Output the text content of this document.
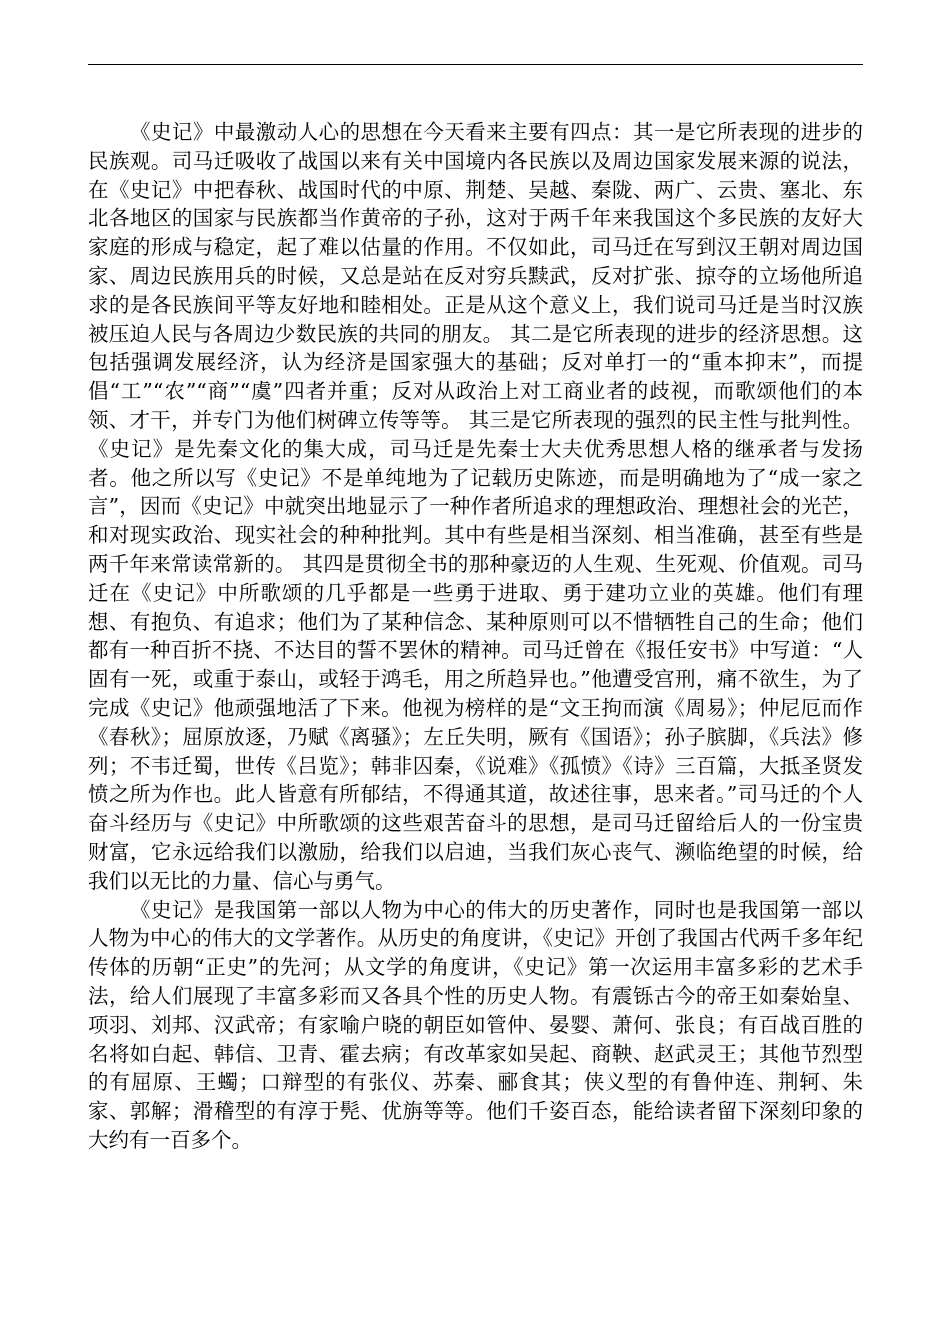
《史记》中最激动人心的思想在今天看来主要有四点：其一是它所表现的进步的民族观。司马迁吸收了战国以来有关中国境内各民族以及周边国家发展来源的说法，在《史记》中把春秋、战国时代的中原、荆楚、吴越、秦陇、两广、云贵、塞北、东北各地区的国家与民族都当作黄帝的子孙，这对于两千年来我国这个多民族的友好大家庭的形成与稳定，起了难以估量的作用。不仅如此，司马迁在写到汉王朝对周边国家、周边民族用兵的时候，又总是站在反对穷兵黩武，反对扩张、掠夺的立场他所追求的是各民族间平等友好地和睦相处。正是从这个意义上，我们说司马迁是当时汉族被压迫人民与各周边少数民族的共同的朋友。 其二是它所表现的进步的经济思想。这包括强调发展经济，认为经济是国家强大的基础；反对单打一的“重本抑末”，而提倡“工”“农”“商”“虞”四者并重；反对从政治上对工商业者的歧视，而歌颂他们的本领、才干，并专门为他们树碑立传等等。 其三是它所表现的强烈的民主性与批判性。《史记》是先秦文化的集大成，司马迁是先秦士大夫优秀思想人格的继承者与发扬者。他之所以写《史记》不是单纯地为了记载历史陈迹，而是明确地为了“成一家之言”，因而《史记》中就突出地显示了一种作者所追求的理想政治、理想社会的光芒，和对现实政治、现实社会的种种批判。其中有些是相当深刻、相当准确，甚至有些是两千年来常读常新的。 其四是贯彻全书的那种豪迈的人生观、生死观、价值观。司马迁在《史记》中所歌颂的几乎都是一些勇于进取、勇于建功立业的英雄。他们有理想、有抱负、有追求；他们为了某种信念、某种原则可以不惜牺牲自己的生命；他们都有一种百折不挠、不达目的誓不罢休的精神。司马迁曾在《报任安书》中写道：“人固有一死，或重于泰山，或轻于鸿毛，用之所趋异也。”他遭受宫刑，痛不欲生，为了完成《史记》他顽强地活了下来。他视为榜样的是“文王拘而演《周易》；仲尼厄而作《春秋》；屈原放逐，乃赋《离骚》；左丘失明，厥有《国语》；孙子膑脚，《兵法》修列；不韦迁蜀，世传《吕览》；韩非囚秦，《说难》《孤愤》《诗》三百篇，大抵圣贤发愤之所为作也。此人皆意有所郁结，不得通其道，故述往事，思来者。”司马迁的个人奋斗经历与《史记》中所歌颂的这些艰苦奋斗的思想，是司马迁留给后人的一份宝贵财富，它永远给我们以激励，给我们以启迪，当我们灰心丧气、濒临绝望的时候，给我们以无比的力量、信心与勇气。

《史记》是我国第一部以人物为中心的伟大的历史著作，同时也是我国第一部以人物为中心的伟大的文学著作。从历史的角度讲，《史记》开创了我国古代两千多年纪传体的历朝“正史”的先河；从文学的角度讲，《史记》第一次运用丰富多彩的艺术手法，给人们展现了丰富多彩而又各具个性的历史人物。有震铄古今的帝王如秦始皇、项羽、刘邦、汉武帝；有家喻户晓的朝臣如管仲、晏婴、萧何、张良；有百战百胜的名将如白起、韩信、卫青、霍去病；有改革家如吴起、商鞅、赵武灵王；其他节烈型的有屈原、王蠋；口辩型的有张仪、苏秦、郦食其；侠义型的有鲁仲连、荆轲、朱家、郭解；滑稽型的有淳于髡、优旃等等。他们千姿百态，能给读者留下深刻印象的大约有一百多个。
